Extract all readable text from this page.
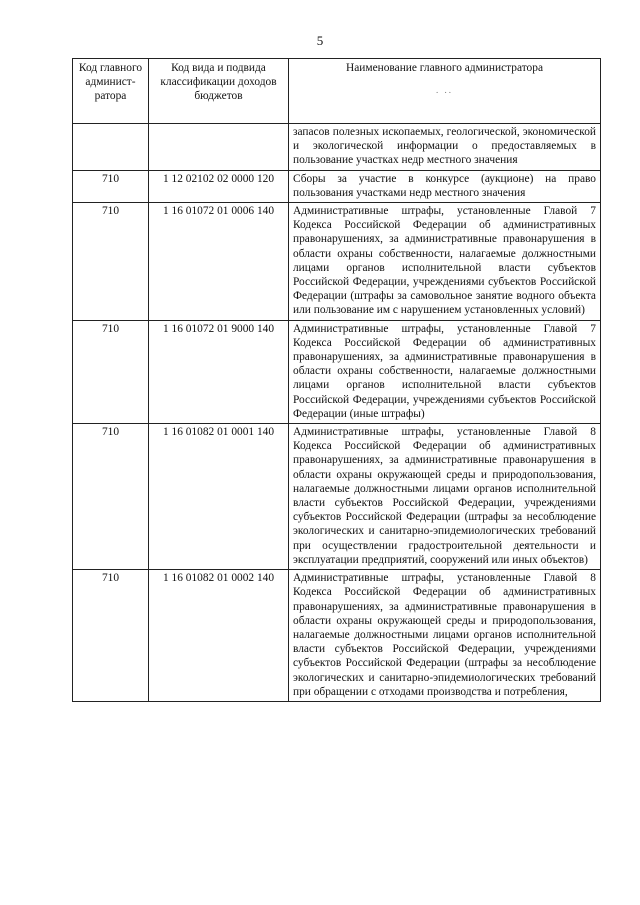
5
Код главного админист-ратора	Код вида и подвида классификации доходов бюджетов	Наименование главного администратора
. ..

		запасов полезных ископаемых, геологической, экономической и экологической информации о предоставляемых в пользование участках недр местного значения
710	1 12 02102 02 0000 120	Сборы за участие в конкурсе (аукционе) на право пользования участками недр местного значения
710	1 16 01072 01 0006 140	Административные штрафы, установленные Главой 7 Кодекса Российской Федерации об административных правонарушениях, за административные правонарушения в области охраны собственности, налагаемые должностными лицами органов исполнительной власти субъектов Российской Федерации, учреждениями субъектов Российской Федерации (штрафы за самовольное занятие водного объекта или пользование им с нарушением установленных условий)
710	1 16 01072 01 9000 140	Административные штрафы, установленные Главой 7 Кодекса Российской Федерации об административных правонарушениях, за административные правонарушения в области охраны собственности, налагаемые должностными лицами органов исполнительной власти субъектов Российской Федерации, учреждениями субъектов Российской Федерации (иные штрафы)
710	1 16 01082 01 0001 140	Административные штрафы, установленные Главой 8 Кодекса Российской Федерации об административных правонарушениях, за административные правонарушения в области охраны окружающей среды и природопользования, налагаемые должностными лицами органов исполнительной власти субъектов Российской Федерации, учреждениями субъектов Российской Федерации (штрафы за несоблюдение экологических и санитарно-эпидемиологических требований при осуществлении градостроительной деятельности и эксплуатации предприятий, сооружений или иных объектов)
710	1 16 01082 01 0002 140	Административные штрафы, установленные Главой 8 Кодекса Российской Федерации об административных правонарушениях, за административные правонарушения в области охраны окружающей среды и природопользования, налагаемые должностными лицами органов исполнительной власти субъектов Российской Федерации, учреждениями субъектов Российской Федерации (штрафы за несоблюдение экологических и санитарно-эпидемиологических требований при обращении с отходами производства и потребления,
